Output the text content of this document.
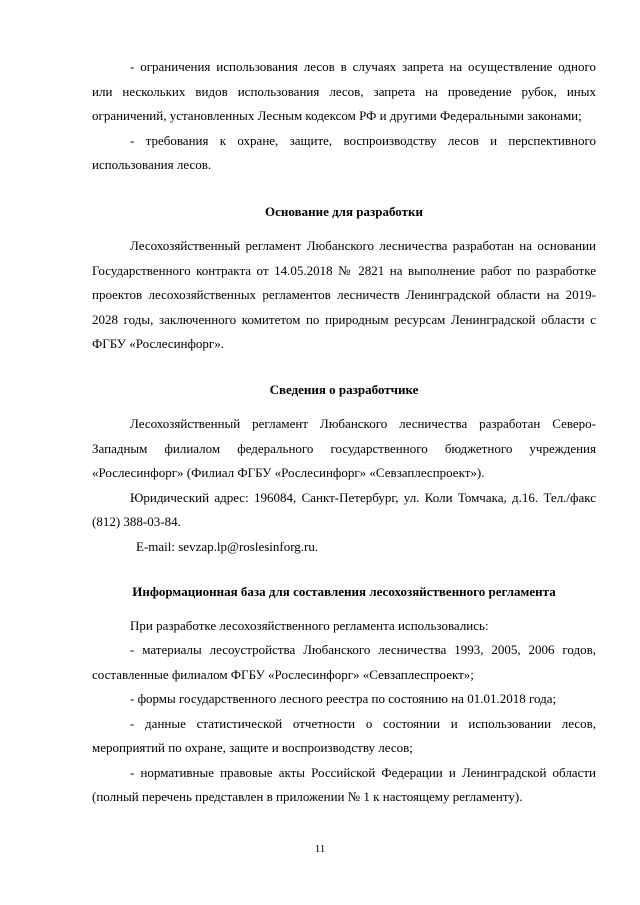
- ограничения использования лесов в случаях запрета на осуществление одного или нескольких видов использования лесов, запрета на проведение рубок, иных ограничений, установленных Лесным кодексом РФ и другими Федеральными законами;

- требования к охране, защите, воспроизводству лесов и перспективного использования лесов.

Основание для разработки

Лесохозяйственный регламент Любанского лесничества разработан на основании Государственного контракта от 14.05.2018 № 2821 на выполнение работ по разработке проектов лесохозяйственных регламентов лесничеств Ленинградской области на 2019-2028 годы, заключенного комитетом по природным ресурсам Ленинградской области с ФГБУ «Рослесинфорг».

Сведения о разработчике

Лесохозяйственный регламент Любанского лесничества разработан Северо-Западным филиалом федерального государственного бюджетного учреждения «Рослесинфорг» (Филиал ФГБУ «Рослесинфорг» «Севзаплеспроект»).

Юридический адрес: 196084, Санкт-Петербург, ул. Коли Томчака, д.16. Тел./факс (812) 388-03-84.

E-mail: sevzap.lp@roslesinforg.ru.

Информационная база для составления лесохозяйственного регламента

При разработке лесохозяйственного регламента использовались:

- материалы лесоустройства Любанского лесничества 1993, 2005, 2006 годов, составленные филиалом ФГБУ «Рослесинфорг» «Севзаплеспроект»;

- формы государственного лесного реестра по состоянию на 01.01.2018 года;

- данные статистической отчетности о состоянии и использовании лесов, мероприятий по охране, защите и воспроизводству лесов;

- нормативные правовые акты Российской Федерации и Ленинградской области (полный перечень представлен в приложении № 1 к настоящему регламенту).

11
